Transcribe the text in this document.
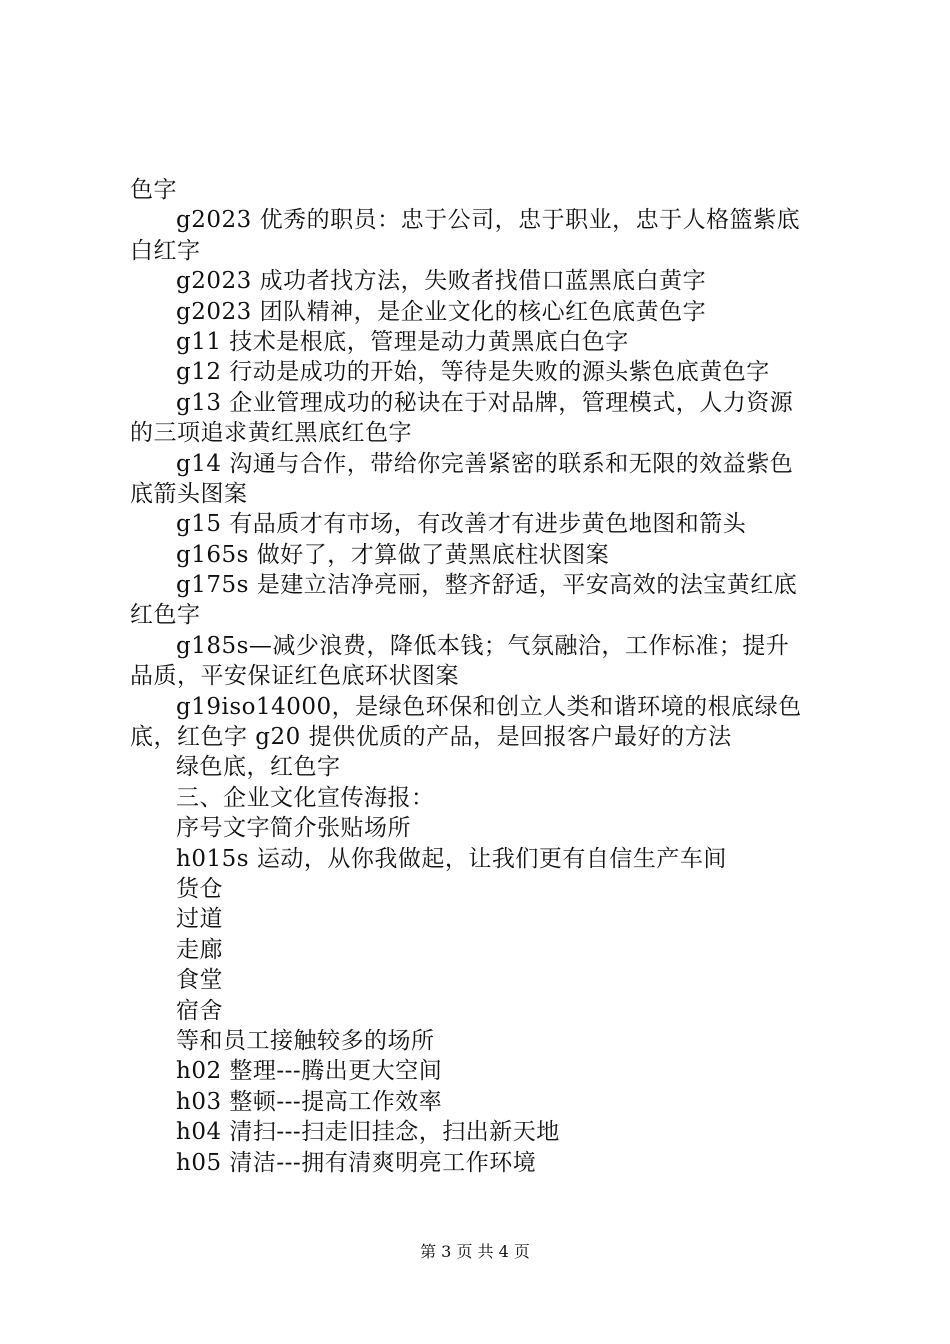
色字
g2023 优秀的职员：忠于公司，忠于职业，忠于人格篮紫底
白红字
g2023 成功者找方法，失败者找借口蓝黑底白黄字
g2023 团队精神，是企业文化的核心红色底黄色字
g11 技术是根底，管理是动力黄黑底白色字
g12 行动是成功的开始，等待是失败的源头紫色底黄色字
g13 企业管理成功的秘诀在于对品牌，管理模式，人力资源
的三项追求黄红黑底红色字
g14 沟通与合作，带给你完善紧密的联系和无限的效益紫色
底箭头图案
g15 有品质才有市场，有改善才有进步黄色地图和箭头
g165s 做好了，才算做了黄黑底柱状图案
g175s 是建立洁净亮丽，整齐舒适，平安高效的法宝黄红底
红色字
g185s—减少浪费，降低本钱；气氛融洽，工作标准；提升
品质，平安保证红色底环状图案
g19iso14000，是绿色环保和创立人类和谐环境的根底绿色
底，红色字 g20 提供优质的产品，是回报客户最好的方法
绿色底，红色字
三、企业文化宣传海报：
序号文字简介张贴场所
h015s 运动，从你我做起，让我们更有自信生产车间
货仓
过道
走廊
食堂
宿舍
等和员工接触较多的场所
h02 整理---腾出更大空间
h03 整顿---提高工作效率
h04 清扫---扫走旧挂念，扫出新天地
h05 清洁---拥有清爽明亮工作环境
第 3 页 共 4 页
